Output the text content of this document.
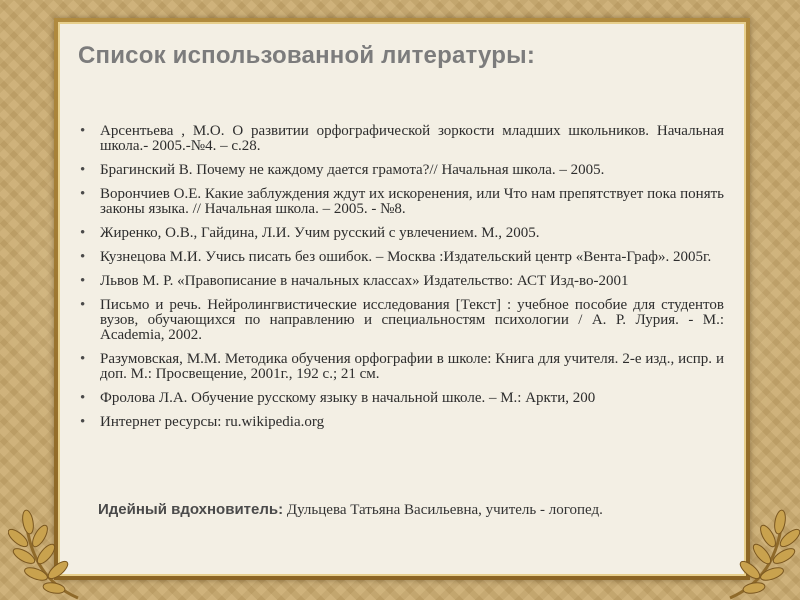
Список использованной литературы:
• Арсентьева , М.О. О развитии орфографической зоркости младших школьников. Начальная школа.- 2005.-№4. – с.28.
• Брагинский В. Почему не каждому дается грамота?// Начальная школа. – 2005.
• Ворончиев О.Е. Какие заблуждения ждут их искоренения, или Что нам препятствует пока понять законы языка. // Начальная школа. – 2005. - №8.
• Жиренко, О.В., Гайдина, Л.И. Учим русский с увлечением. М., 2005.
• Кузнецова М.И. Учись писать без ошибок. – Москва :Издательский центр «Вента-Граф». 2005г.
• Львов М. Р. «Правописание в начальных классах» Издательство: АСТ Изд-во-2001
• Письмо и речь. Нейролингвистические исследования [Текст] : учебное пособие для студентов вузов, обучающихся по направлению и специальностям психологии / А. Р. Лурия. - М.: Academia, 2002.
• Разумовская, М.М. Методика обучения орфографии в школе: Книга для учителя. 2-е изд., испр. и доп. М.: Просвещение, 2001г., 192 с.; 21 см.
• Фролова Л.А. Обучение русскому языку в начальной школе. – М.: Аркти, 200
• Интернет ресурсы: ru.wikipedia.org
Идейный вдохновитель: Дульцева Татьяна Васильевна, учитель - логопед.
